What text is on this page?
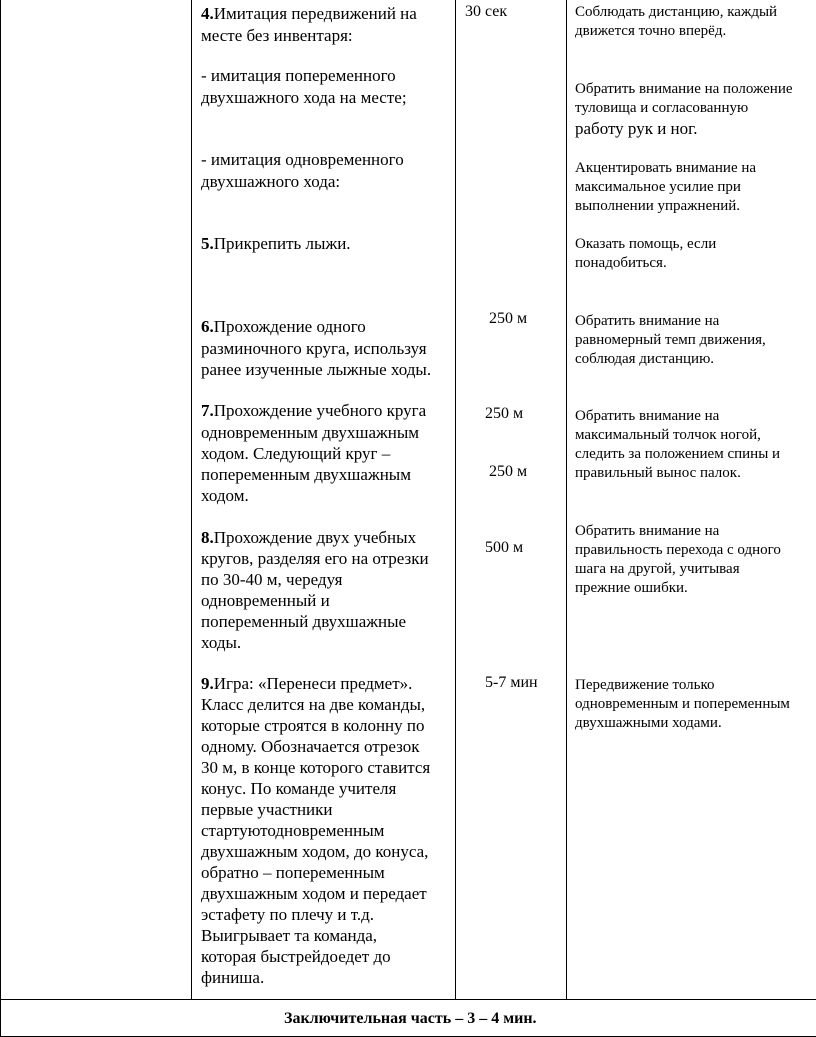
4.Имитация передвижений на
месте без инвентаря:
- имитация попеременного
двухшажного хода на месте;
- имитация одновременного
двухшажного хода:
5.Прикрепить лыжи.
6.Прохождение одного
разминочного круга, используя
ранее изученные лыжные ходы.
7.Прохождение учебного круга
одновременным двухшажным
ходом. Следующий круг –
попеременным двухшажным
ходом.
8.Прохождение двух учебных
кругов, разделяя его на отрезки
по 30-40 м, чередуя
одновременный и
попеременный двухшажные
ходы.
9.Игра: «Перенеси предмет».
Класс делится на две команды,
которые строятся в колонну по
одному. Обозначается отрезок
30 м, в конце которого ставится
конус. По команде учителя
первые участники
стартуютодновременным
двухшажным ходом, до конуса,
обратно – попеременным
двухшажным ходом и передает
эстафету по плечу и т.д.
Выигрывает та команда,
которая быстрейдоедет до
финиша.
30 сек
250 м
250 м
250 м
500 м
5-7 мин
Соблюдать дистанцию, каждый
движется точно вперёд.
Обратить внимание на положение
туловища и согласованную
работу рук и ног.
Акцентировать внимание на
максимальное усилие при
выполнении упражнений.
Оказать помощь, если
понадобиться.
Обратить внимание на
равномерный темп движения,
соблюдая дистанцию.
Обратить внимание на
максимальный толчок ногой,
следить за положением спины и
правильный вынос палок.
Обратить внимание на
правильность перехода с одного
шага на другой, учитывая
прежние ошибки.
Передвижение только
одновременным и попеременным
двухшажными ходами.
Заключительная часть – 3 – 4 мин.
